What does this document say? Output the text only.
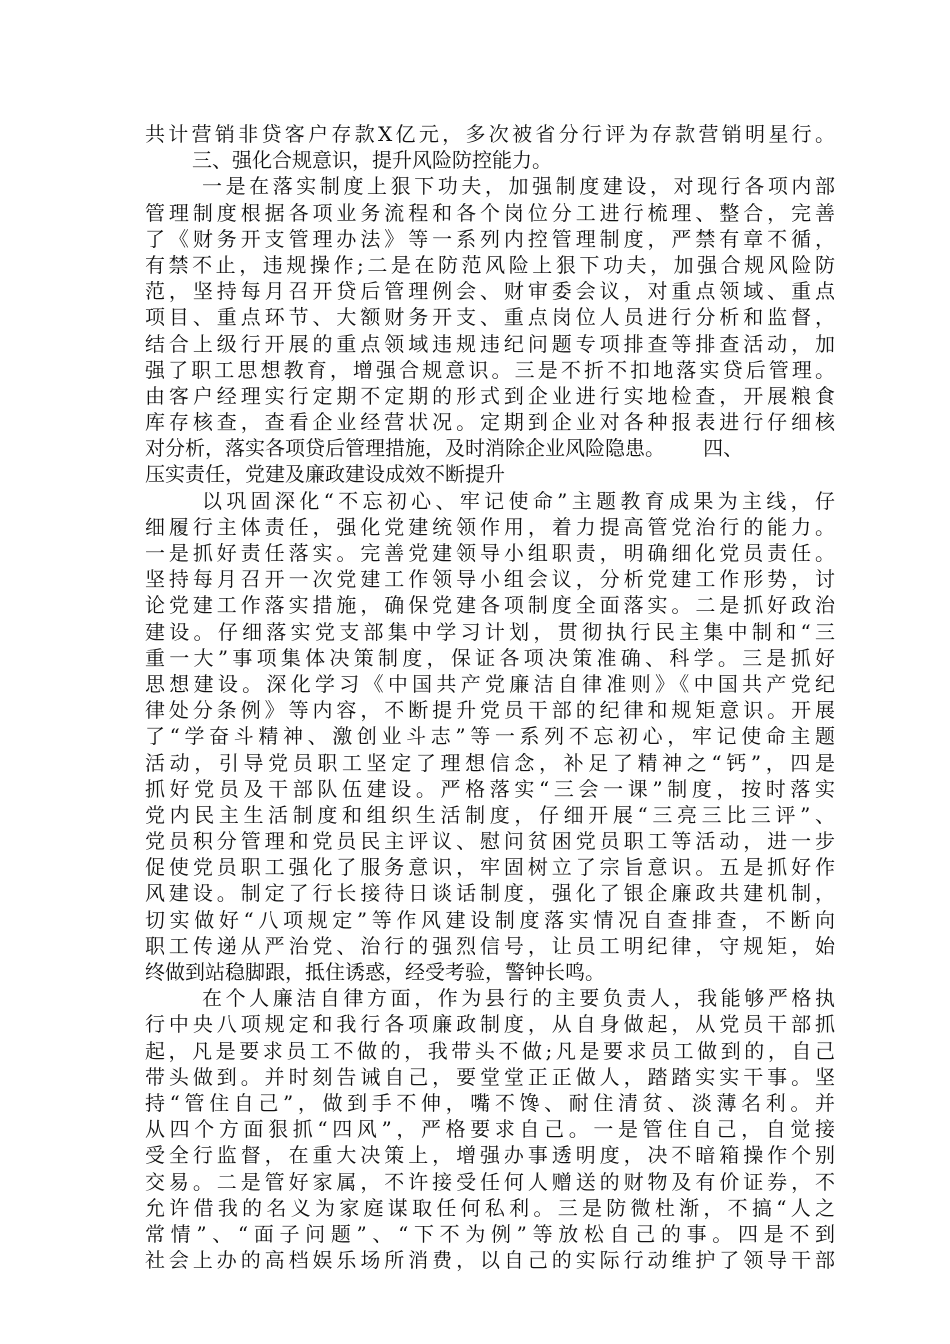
共计营销非贷客户存款X亿元，多次被省分行评为存款营销明星行。
三、强化合规意识，提升风险防控能力。
一是在落实制度上狠下功夫，加强制度建设，对现行各项内部
管理制度根据各项业务流程和各个岗位分工进行梳理、整合，完善
了《财务开支管理办法》等一系列内控管理制度，严禁有章不循，
有禁不止，违规操作;二是在防范风险上狠下功夫，加强合规风险防
范，坚持每月召开贷后管理例会、财审委会议，对重点领域、重点
项目、重点环节、大额财务开支、重点岗位人员进行分析和监督，
结合上级行开展的重点领域违规违纪问题专项排查等排查活动，加
强了职工思想教育，增强合规意识。三是不折不扣地落实贷后管理。
由客户经理实行定期不定期的形式到企业进行实地检查，开展粮食
库存核查，查看企业经营状况。定期到企业对各种报表进行仔细核
对分析，落实各项贷后管理措施，及时消除企业风险隐患。      四、
压实责任，党建及廉政建设成效不断提升
以巩固深化“不忘初心、牢记使命”主题教育成果为主线，仔
细履行主体责任，强化党建统领作用，着力提高管党治行的能力。
一是抓好责任落实。完善党建领导小组职责，明确细化党员责任。
坚持每月召开一次党建工作领导小组会议，分析党建工作形势，讨
论党建工作落实措施，确保党建各项制度全面落实。二是抓好政治
建设。仔细落实党支部集中学习计划，贯彻执行民主集中制和“三
重一大”事项集体决策制度，保证各项决策准确、科学。三是抓好
思想建设。深化学习《中国共产党廉洁自律准则》《中国共产党纪
律处分条例》等内容，不断提升党员干部的纪律和规矩意识。开展
了“学奋斗精神、激创业斗志”等一系列不忘初心，牢记使命主题
活动，引导党员职工坚定了理想信念，补足了精神之“钙”，四是
抓好党员及干部队伍建设。严格落实“三会一课”制度，按时落实
党内民主生活制度和组织生活制度，仔细开展“三亮三比三评”、
党员积分管理和党员民主评议、慰问贫困党员职工等活动，进一步
促使党员职工强化了服务意识，牢固树立了宗旨意识。五是抓好作
风建设。制定了行长接待日谈话制度，强化了银企廉政共建机制，
切实做好“八项规定”等作风建设制度落实情况自查排查，不断向
职工传递从严治党、治行的强烈信号，让员工明纪律，守规矩，始
终做到站稳脚跟，抵住诱惑，经受考验，警钟长鸣。
在个人廉洁自律方面，作为县行的主要负责人，我能够严格执
行中央八项规定和我行各项廉政制度，从自身做起，从党员干部抓
起，凡是要求员工不做的，我带头不做;凡是要求员工做到的，自己
带头做到。并时刻告诫自己，要堂堂正正做人，踏踏实实干事。坚
持“管住自己”，做到手不伸，嘴不馋、耐住清贫、淡薄名利。并
从四个方面狠抓“四风”，严格要求自己。一是管住自己，自觉接
受全行监督，在重大决策上，增强办事透明度，决不暗箱操作个别
交易。二是管好家属，不许接受任何人赠送的财物及有价证券，不
允许借我的名义为家庭谋取任何私利。三是防微杜渐，不搞“人之
常情”、“面子问题”、“下不为例”等放松自己的事。四是不到
社会上办的高档娱乐场所消费，以自己的实际行动维护了领导干部
